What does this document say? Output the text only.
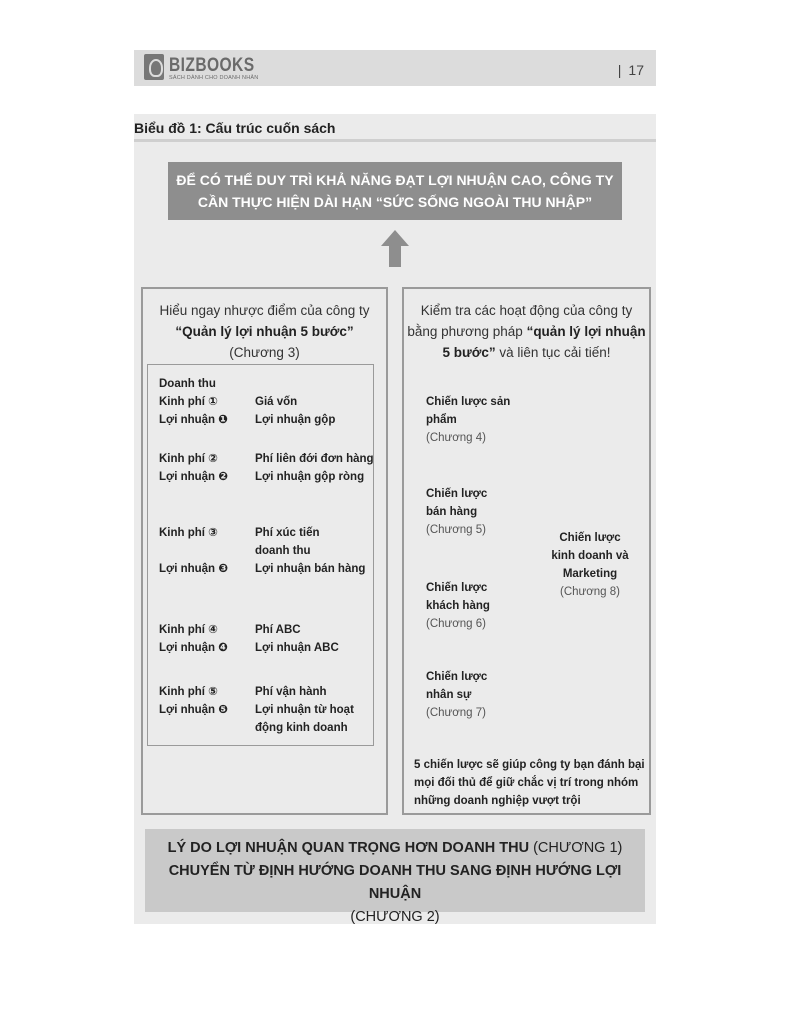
BIZBOOKS
SÁCH DÀNH CHO DOANH NHÂN
|	17
Biểu đồ 1: Cấu trúc cuốn sách
ĐỂ CÓ THỂ DUY TRÌ KHẢ NĂNG ĐẠT LỢI NHUẬN CAO, CÔNG TY
CẦN THỰC HIỆN DÀI HẠN “SỨC SỐNG NGOÀI THU NHẬP”
Hiểu ngay nhược điểm của công ty
“Quản lý lợi nhuận 5 bước”
(Chương 3)
Doanh thu
Kinh phí ①	Giá vốn
Lợi nhuận ❶ Lợi nhuận gộp
Kinh phí ②	Phí liên đới đơn hàng
Lợi nhuận ❷ Lợi nhuận gộp ròng
Kinh phí ③	Phí xúc tiến
doanh thu
Lợi nhuận ❸ Lợi nhuận bán hàng
Kinh phí ④	Phí ABC
Lợi nhuận ❹ Lợi nhuận ABC
Kinh phí ⑤	Phí vận hành
Lợi nhuận ❺ Lợi nhuận từ hoạt
động kinh doanh
Kiểm tra các hoạt động của công ty
bằng phương pháp “quản lý lợi nhuận
5 bước” và liên tục cải tiến!
Chiến lược sản
phẩm
(Chương 4)
Chiến lược
bán hàng
(Chương 5)
Chiến lược
khách hàng
(Chương 6)
Chiến lược
nhân sự
(Chương 7)
Chiến lược
kinh doanh và
Marketing
(Chương 8)
5 chiến lược sẽ giúp công ty bạn đánh bại mọi đối thủ để giữ chắc vị trí trong nhóm những doanh nghiệp vượt trội
LÝ DO LỢI NHUẬN QUAN TRỌNG HƠN DOANH THU (CHƯƠNG 1)
CHUYỂN TỪ ĐỊNH HƯỚNG DOANH THU SANG ĐỊNH HƯỚNG LỢI NHUẬN
(CHƯƠNG 2)
